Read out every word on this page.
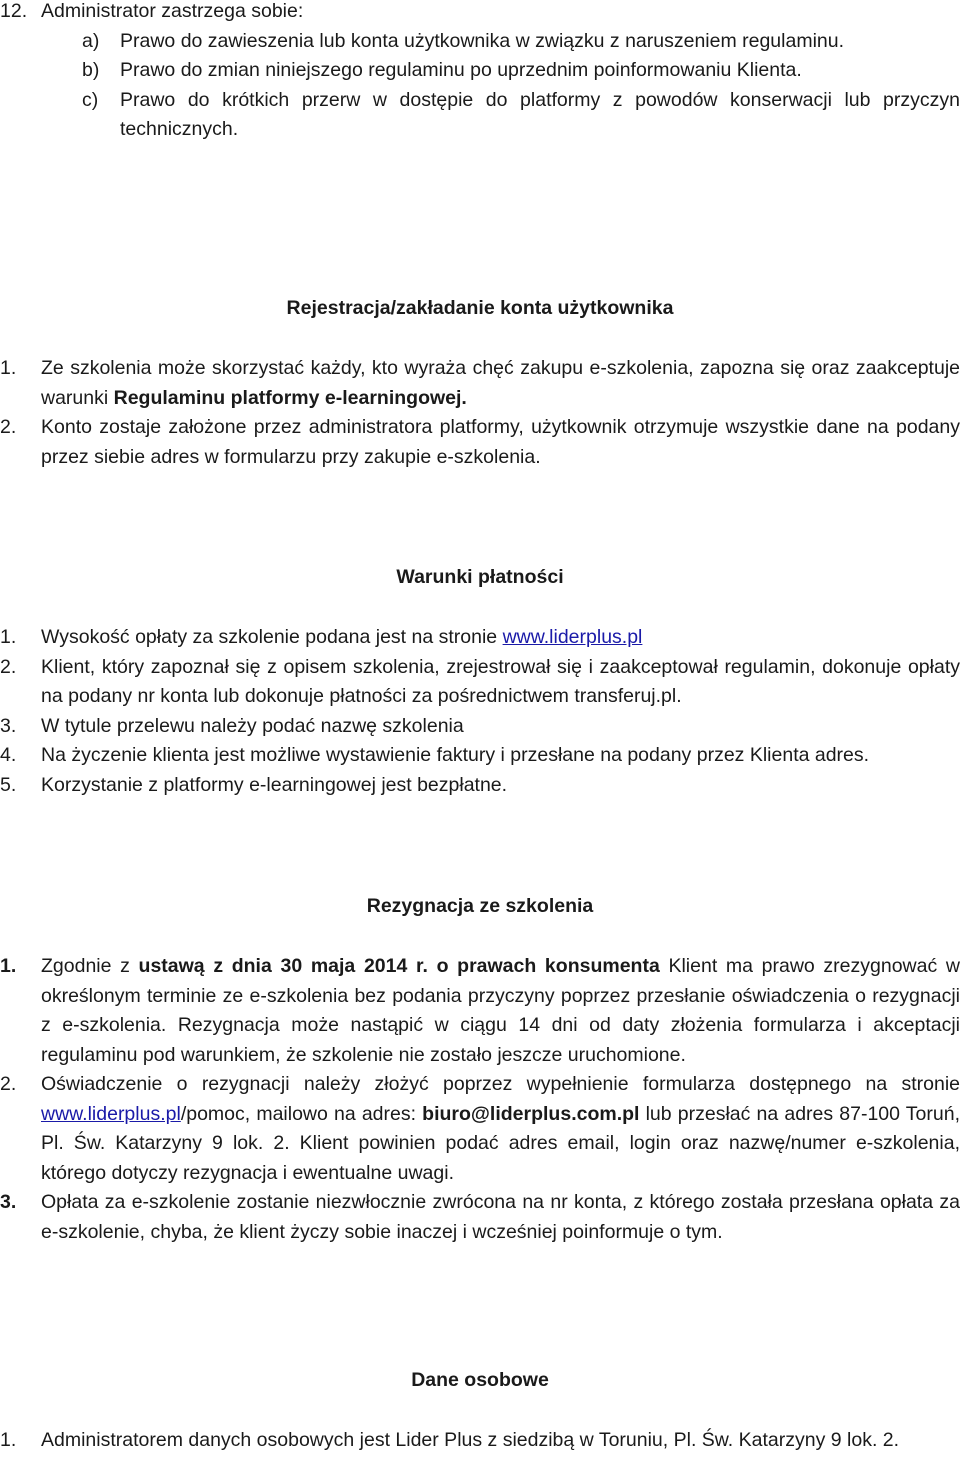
12. Administrator zastrzega sobie:
a)	Prawo do zawieszenia lub konta użytkownika w związku z naruszeniem regulaminu.
b)	Prawo do zmian niniejszego regulaminu po uprzednim poinformowaniu Klienta.
c)	Prawo do krótkich przerw w dostępie do platformy z powodów konserwacji lub przyczyn technicznych.
Rejestracja/zakładanie konta użytkownika
1.	Ze szkolenia może skorzystać każdy, kto wyraża chęć zakupu e-szkolenia, zapozna się oraz zaakceptuje warunki Regulaminu platformy e-learningowej.
2.	Konto zostaje założone przez administratora platformy, użytkownik otrzymuje wszystkie dane na podany przez siebie adres w formularzu przy zakupie e-szkolenia.
Warunki płatności
1.	Wysokość opłaty za szkolenie podana jest na stronie www.liderplus.pl
2.	Klient, który zapoznał się z opisem szkolenia, zrejestrował się i zaakceptował regulamin, dokonuje opłaty na podany nr konta lub dokonuje płatności za pośrednictwem transferuj.pl.
3.	W tytule przelewu należy podać nazwę szkolenia
4.	Na życzenie klienta jest możliwe wystawienie faktury i przesłane na podany przez Klienta adres.
5.	Korzystanie z platformy e-learningowej jest bezpłatne.
Rezygnacja ze szkolenia
1.	Zgodnie z ustawą z dnia 30 maja 2014 r. o prawach konsumenta Klient ma prawo zrezygnować w określonym terminie ze e-szkolenia bez podania przyczyny poprzez przesłanie oświadczenia o rezygnacji z e-szkolenia. Rezygnacja może nastąpić w ciągu 14 dni od daty złożenia formularza i akceptacji regulaminu pod warunkiem, że szkolenie nie zostało jeszcze uruchomione.
2.	Oświadczenie o rezygnacji należy złożyć poprzez wypełnienie formularza dostępnego na stronie www.liderplus.pl/pomoc, mailowo na adres: biuro@liderplus.com.pl lub przesłać na adres 87-100 Toruń, Pl. Św. Katarzyny 9 lok. 2. Klient powinien podać adres email, login oraz nazwę/numer e-szkolenia, którego dotyczy rezygnacja i ewentualne uwagi.
3.	Opłata za e-szkolenie zostanie niezwłocznie zwrócona na nr konta, z którego została przesłana opłata za e-szkolenie, chyba, że klient życzy sobie inaczej i wcześniej poinformuje o tym.
Dane osobowe
1.	Administratorem danych osobowych jest Lider Plus z siedzibą w Toruniu, Pl. Św. Katarzyny 9 lok. 2.
